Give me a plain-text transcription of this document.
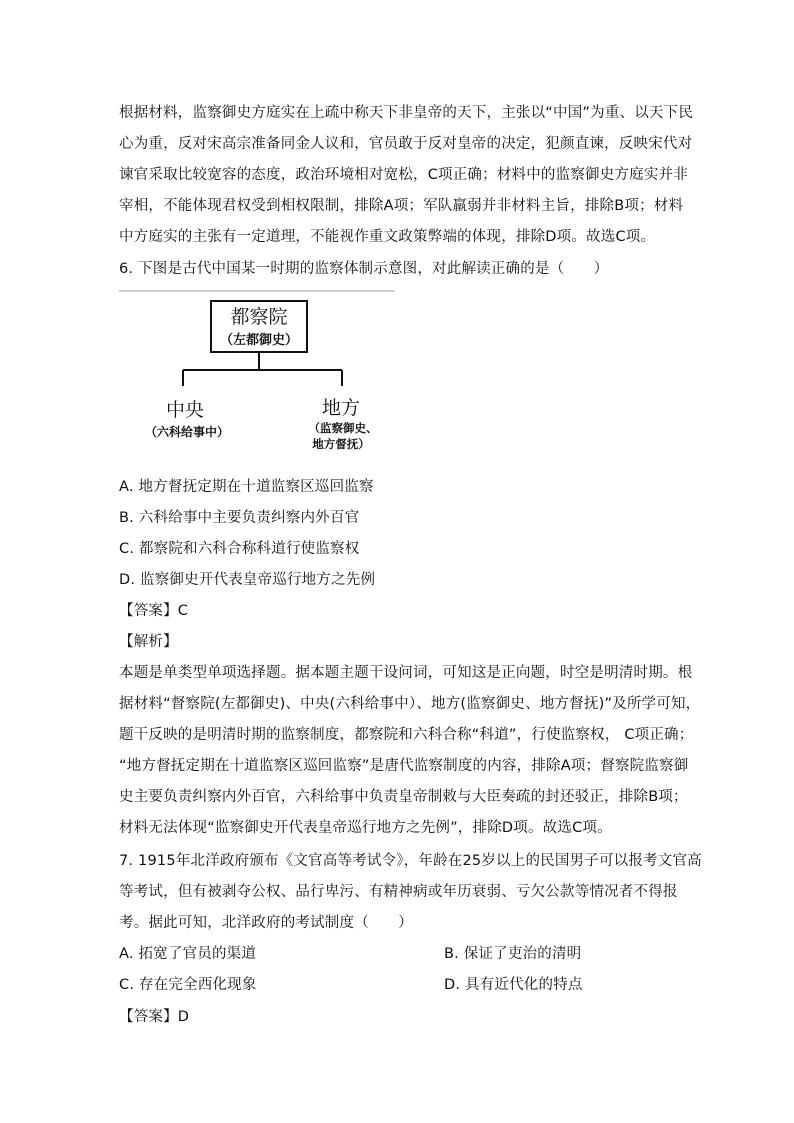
根据材料，监察御史方庭实在上疏中称天下非皇帝的天下，主张以“中国”为重、以天下民
心为重，反对宋高宗准备同金人议和，官员敢于反对皇帝的决定，犯颜直谏，反映宋代对
谏官采取比较宽容的态度，政治环境相对宽松，C项正确；材料中的监察御史方庭实并非
宰相，不能体现君权受到相权限制，排除A项；军队羸弱并非材料主旨，排除B项；材料
中方庭实的主张有一定道理，不能视作重文政策弊端的体现，排除D项。故选C项。
6. 下图是古代中国某一时期的监察体制示意图，对此解读正确的是（　　）
都察院
（左都御史）
中央
（六科给事中）
地方
（监察御史、
地方督抚）
A. 地方督抚定期在十道监察区巡回监察
B. 六科给事中主要负责纠察内外百官
C. 都察院和六科合称科道行使监察权
D. 监察御史开代表皇帝巡行地方之先例
【答案】C
【解析】
本题是单类型单项选择题。据本题主题干设问词，可知这是正向题，时空是明清时期。根
据材料“督察院(左都御史)、中央(六科给事中）、地方(监察御史、地方督抚)”及所学可知，
题干反映的是明清时期的监察制度，都察院和六科合称“科道”，行使监察权， C项正确；
“地方督抚定期在十道监察区巡回监察”是唐代监察制度的内容，排除A项；督察院监察御
史主要负责纠察内外百官，六科给事中负责皇帝制敕与大臣奏疏的封还驳正，排除B项；
材料无法体现“监察御史开代表皇帝巡行地方之先例”，排除D项。故选C项。
7. 1915年北洋政府颁布《文官高等考试令》，年龄在25岁以上的民国男子可以报考文官高
等考试，但有被剥夺公权、品行卑污、有精神病或年历衰弱、亏欠公款等情况者不得报
考。据此可知，北洋政府的考试制度（　　）
A. 拓宽了官员的渠道	B. 保证了吏治的清明
C. 存在完全西化现象	D. 具有近代化的特点
【答案】D
